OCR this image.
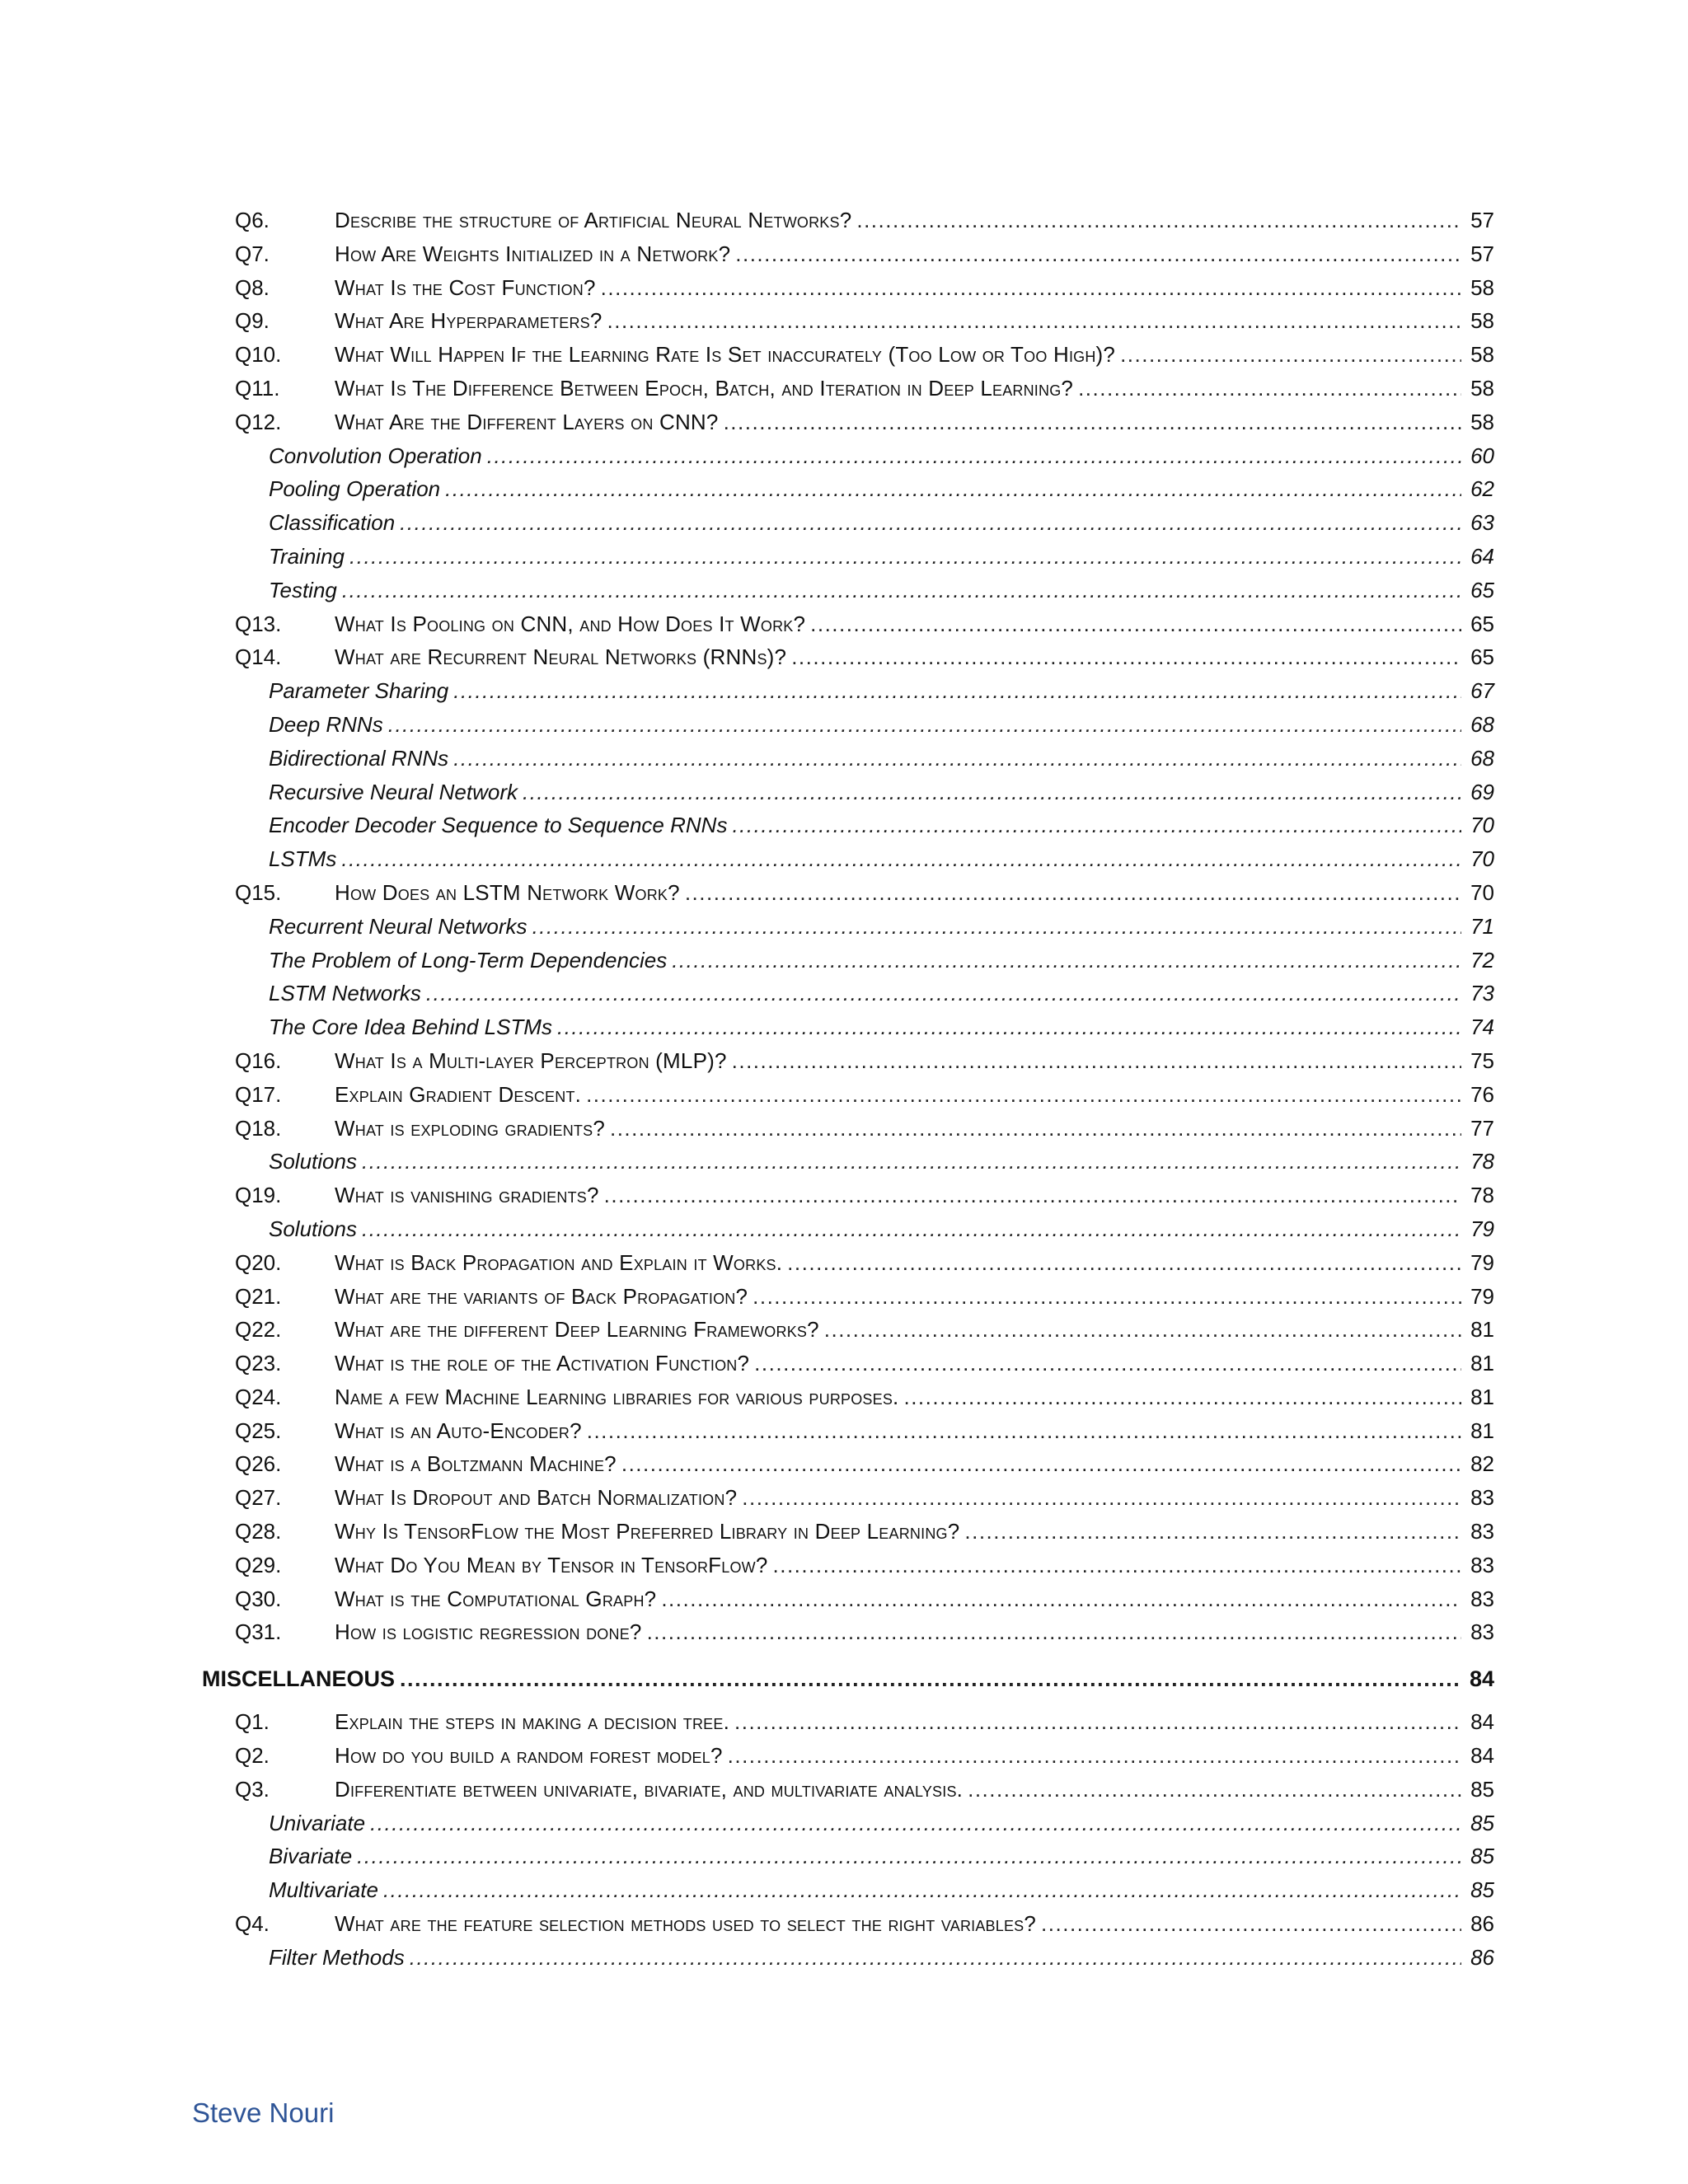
Q6.	Describe the structure of Artificial Neural Networks? .....	57
Q7.	How Are Weights Initialized in a Network? .....	57
Q8.	What Is the Cost Function? .....	58
Q9.	What Are Hyperparameters? .....	58
Q10.	What Will Happen If the Learning Rate Is Set inaccurately (Too Low or Too High)? .....	58
Q11.	What Is The Difference Between Epoch, Batch, and Iteration in Deep Learning? .....	58
Q12.	What Are the Different Layers on CNN? .....	58
Convolution Operation .....	60
Pooling Operation .....	62
Classification .....	63
Training .....	64
Testing .....	65
Q13.	What Is Pooling on CNN, and How Does It Work? .....	65
Q14.	What are Recurrent Neural Networks (RNNs)? .....	65
Parameter Sharing .....	67
Deep RNNs .....	68
Bidirectional RNNs .....	68
Recursive Neural Network .....	69
Encoder Decoder Sequence to Sequence RNNs .....	70
LSTMs .....	70
Q15.	How Does an LSTM Network Work? .....	70
Recurrent Neural Networks .....	71
The Problem of Long-Term Dependencies .....	72
LSTM Networks .....	73
The Core Idea Behind LSTMs .....	74
Q16.	What Is a Multi-layer Perceptron (MLP)? .....	75
Q17.	Explain Gradient Descent. .....	76
Q18.	What is exploding gradients? .....	77
Solutions .....	78
Q19.	What is vanishing gradients? .....	78
Solutions .....	79
Q20.	What is Back Propagation and Explain it Works. .....	79
Q21.	What are the variants of Back Propagation? .....	79
Q22.	What are the different Deep Learning Frameworks? .....	81
Q23.	What is the role of the Activation Function? .....	81
Q24.	Name a few Machine Learning libraries for various purposes. .....	81
Q25.	What is an Auto-Encoder? .....	81
Q26.	What is a Boltzmann Machine? .....	82
Q27.	What Is Dropout and Batch Normalization? .....	83
Q28.	Why Is TensorFlow the Most Preferred Library in Deep Learning? .....	83
Q29.	What Do You Mean by Tensor in TensorFlow? .....	83
Q30.	What is the Computational Graph? .....	83
Q31.	How is logistic regression done? .....	83
MISCELLANEOUS .....	84
Q1.	Explain the steps in making a decision tree. .....	84
Q2.	How do you build a random forest model? .....	84
Q3.	Differentiate between univariate, bivariate, and multivariate analysis. .....	85
Univariate .....	85
Bivariate .....	85
Multivariate .....	85
Q4.	What are the feature selection methods used to select the right variables? .....	86
Filter Methods .....	86
Steve Nouri
